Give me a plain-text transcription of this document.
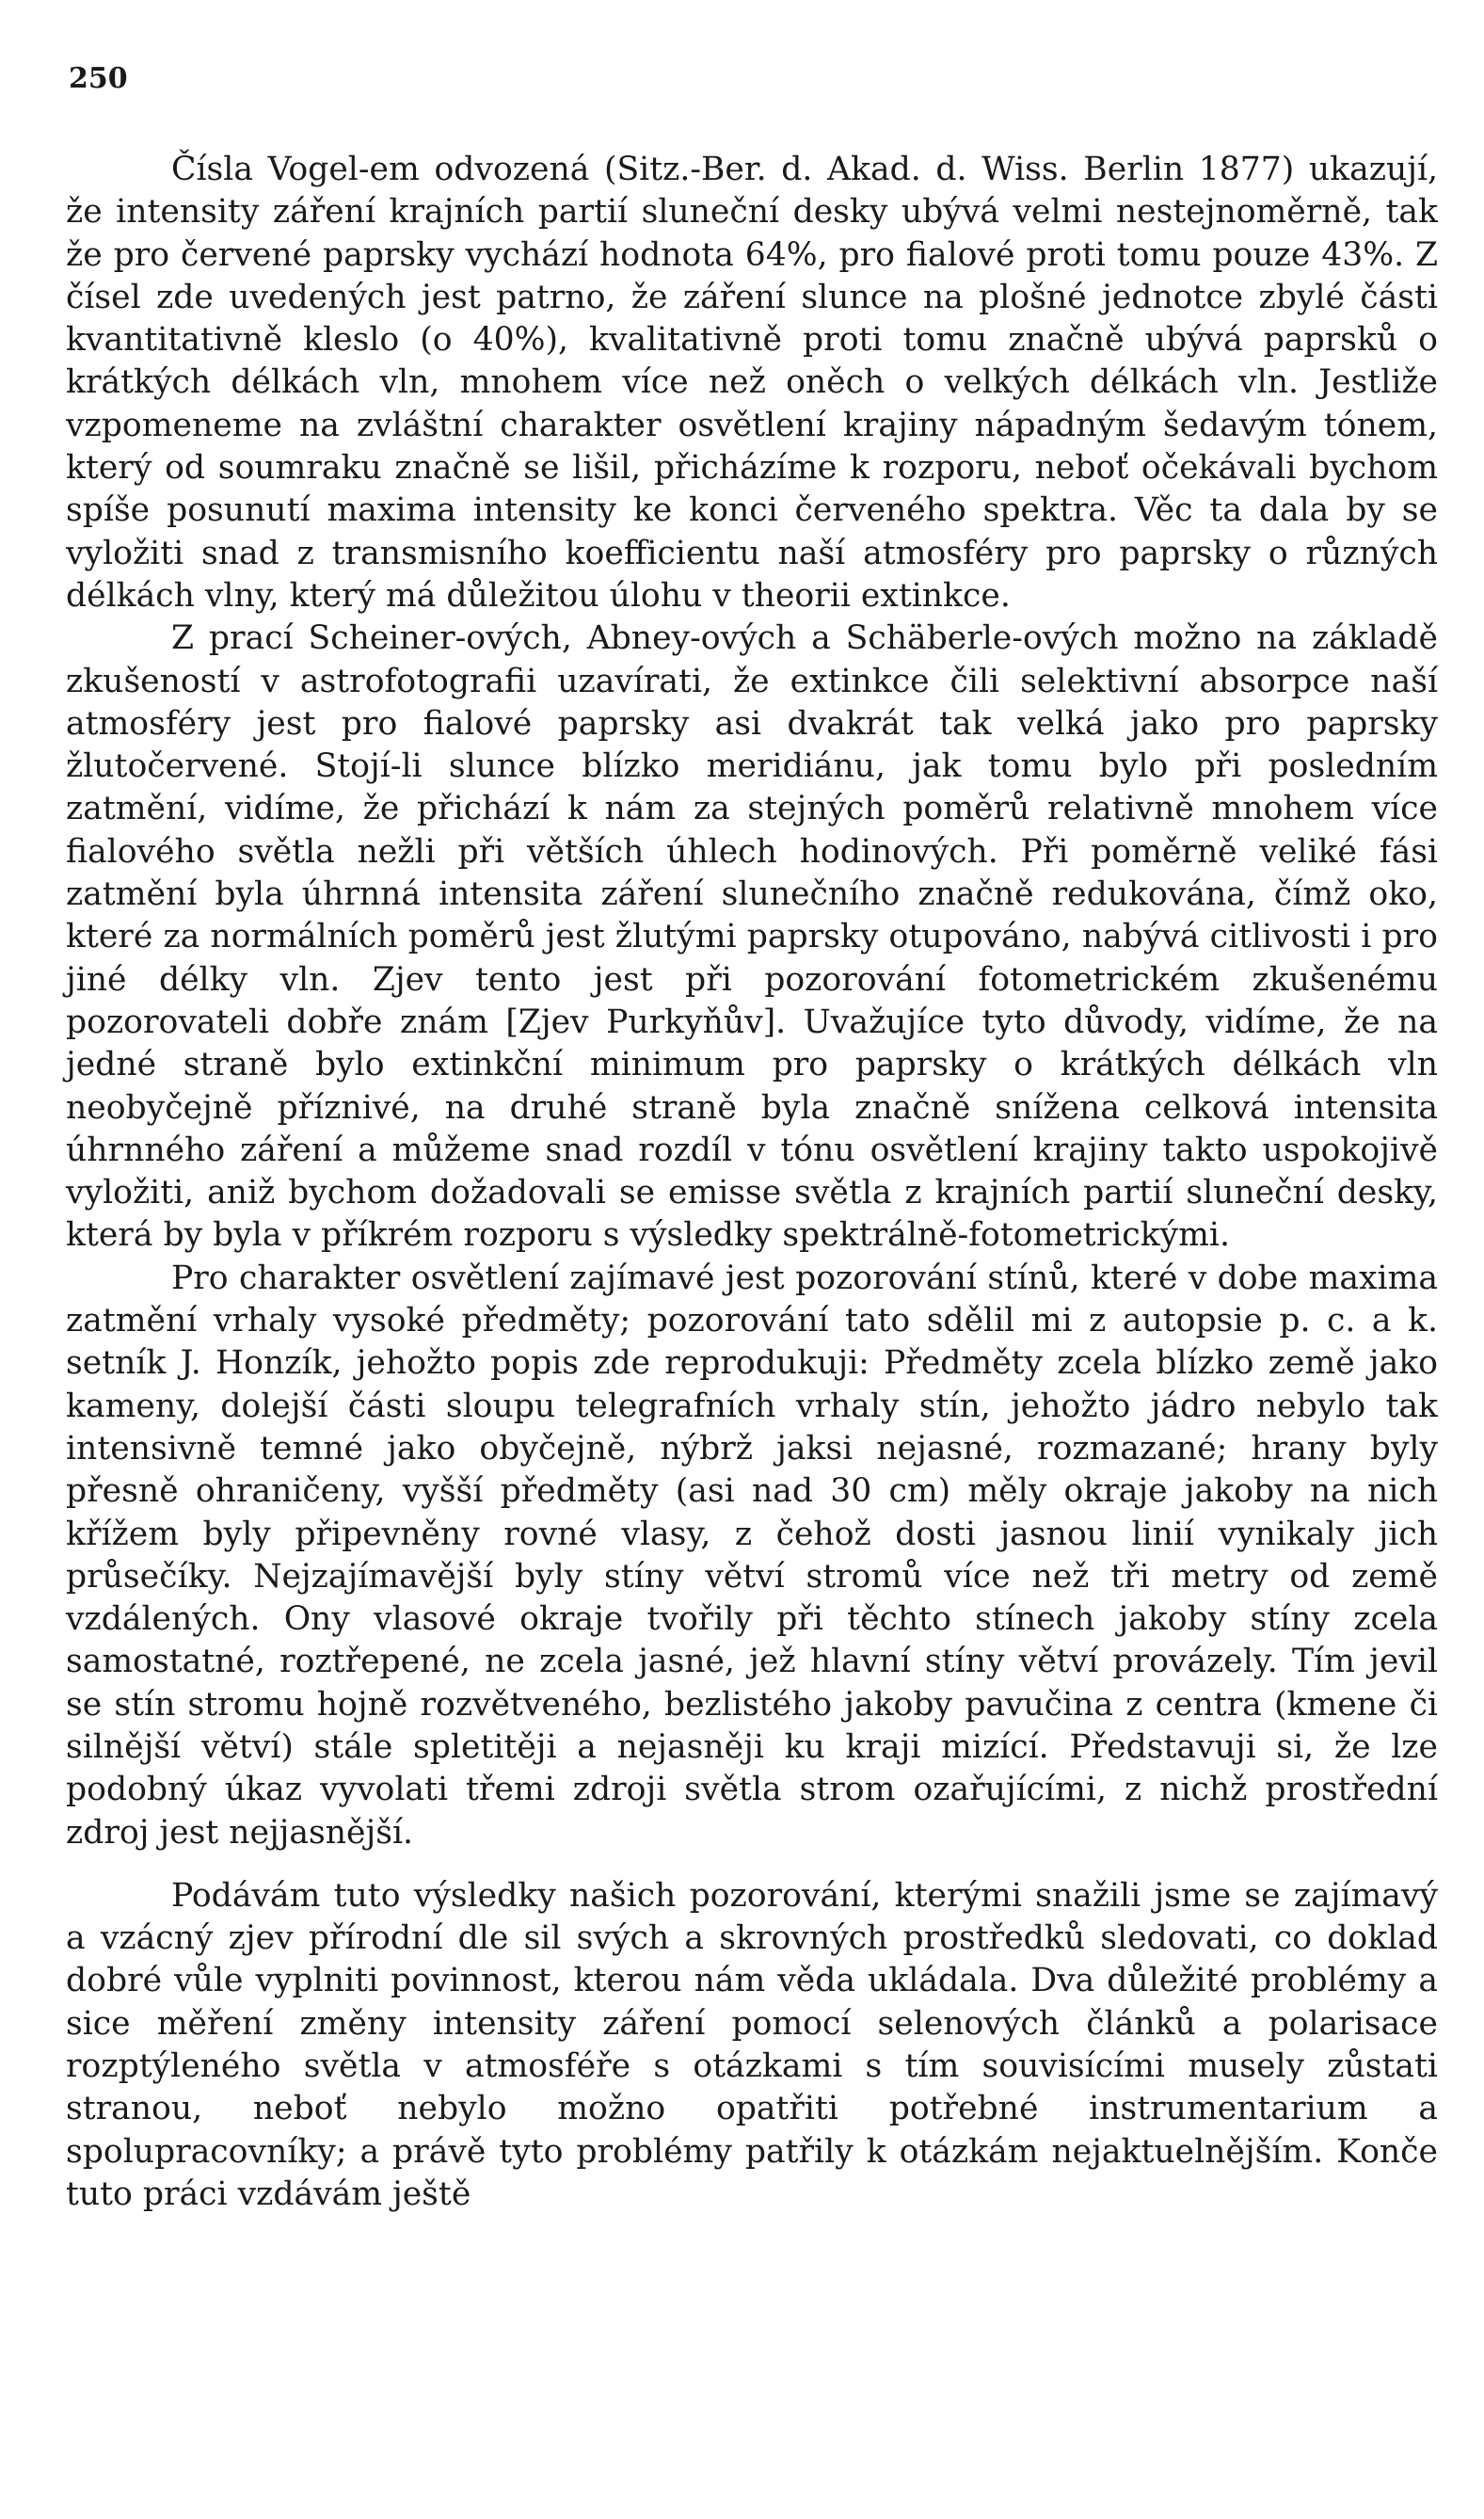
250

Čísla Vogel-em odvozená (Sitz.-Ber. d. Akad. d. Wiss. Berlin 1877) ukazují, že intensity záření krajních partií sluneční desky ubývá velmi nestejnoměrně, tak že pro červené paprsky vychází hodnota 64%, pro fialové proti tomu pouze 43%. Z čísel zde uvedených jest patrno, že záření slunce na plošné jednotce zbylé části kvantitativně kleslo (o 40%), kvalitativně proti tomu značně ubývá paprsků o krátkých délkách vln, mnohem více než oněch o velkých délkách vln. Jestliže vzpomeneme na zvláštní charakter osvětlení krajiny nápadným šedavým tónem, který od soumraku značně se lišil, přicházíme k rozporu, neboť očekávali bychom spíše posunutí maxima intensity ke konci červeného spektra. Věc ta dala by se vyložiti snad z transmisního koefficientu naší atmosféry pro paprsky o různých délkách vlny, který má důležitou úlohu v theorii extinkce.

Z prací Scheiner-ových, Abney-ových a Schäberle-ových možno na základě zkušeností v astrofotografii uzavírati, že extinkce čili selektivní absorpce naší atmosféry jest pro fialové paprsky asi dvakrát tak velká jako pro paprsky žlutočervené. Stojí-li slunce blízko meridiánu, jak tomu bylo při posledním zatmění, vidíme, že přichází k nám za stejných poměrů relativně mnohem více fialového světla nežli při větších úhlech hodinových. Při poměrně veliké fási zatmění byla úhrnná intensita záření slunečního značně redukována, čímž oko, které za normálních poměrů jest žlutými paprsky otupováno, nabývá citlivosti i pro jiné délky vln. Zjev tento jest při pozorování fotometrickém zkušenému pozorovateli dobře znám [Zjev Purkyňův]. Uvažujíce tyto důvody, vidíme, že na jedné straně bylo extinkční minimum pro paprsky o krátkých délkách vln neobyčejně příznivé, na druhé straně byla značně snížena celková intensita úhrnného záření a můžeme snad rozdíl v tónu osvětlení krajiny takto uspokojivě vyložiti, aniž bychom dožadovali se emisse světla z krajních partií sluneční desky, která by byla v příkrém rozporu s výsledky spektrálně-fotometrickými.

Pro charakter osvětlení zajímavé jest pozorování stínů, které v dobe maxima zatmění vrhaly vysoké předměty; pozorování tato sdělil mi z autopsie p. c. a k. setník J. Honzík, jehožto popis zde reprodukuji: Předměty zcela blízko země jako kameny, dolejší části sloupu telegrafních vrhaly stín, jehožto jádro nebylo tak intensivně temné jako obyčejně, nýbrž jaksi nejasné, rozmazané; hrany byly přesně ohraničeny, vyšší předměty (asi nad 30 cm) měly okraje jakoby na nich křížem byly připevněny rovné vlasy, z čehož dosti jasnou linií vynikaly jich průsečíky. Nejzajímavější byly stíny větví stromů více než tři metry od země vzdálených. Ony vlasové okraje tvořily při těchto stínech jakoby stíny zcela samostatné, roztřepené, ne zcela jasné, jež hlavní stíny větví provázely. Tím jevil se stín stromu hojně rozvětveného, bezlistého jakoby pavučina z centra (kmene či silnější větví) stále spletitěji a nejasněji ku kraji mizící. Představuji si, že lze podobný úkaz vyvolati třemi zdroji světla strom ozařujícími, z nichž prostřední zdroj jest nejjasnější.

Podávám tuto výsledky našich pozorování, kterými snažili jsme se zajímavý a vzácný zjev přírodní dle sil svých a skrovných prostředků sledovati, co doklad dobré vůle vyplniti povinnost, kterou nám věda ukládala. Dva důležité problémy a sice měření změny intensity záření pomocí selenových článků a polarisace rozptýleného světla v atmosféře s otázkami s tím souvisícími musely zůstati stranou, neboť nebylo možno opatřiti potřebné instrumentarium a spolupracovníky; a právě tyto problémy patřily k otázkám nejaktuelnějším. Konče tuto práci vzdávám ještě
